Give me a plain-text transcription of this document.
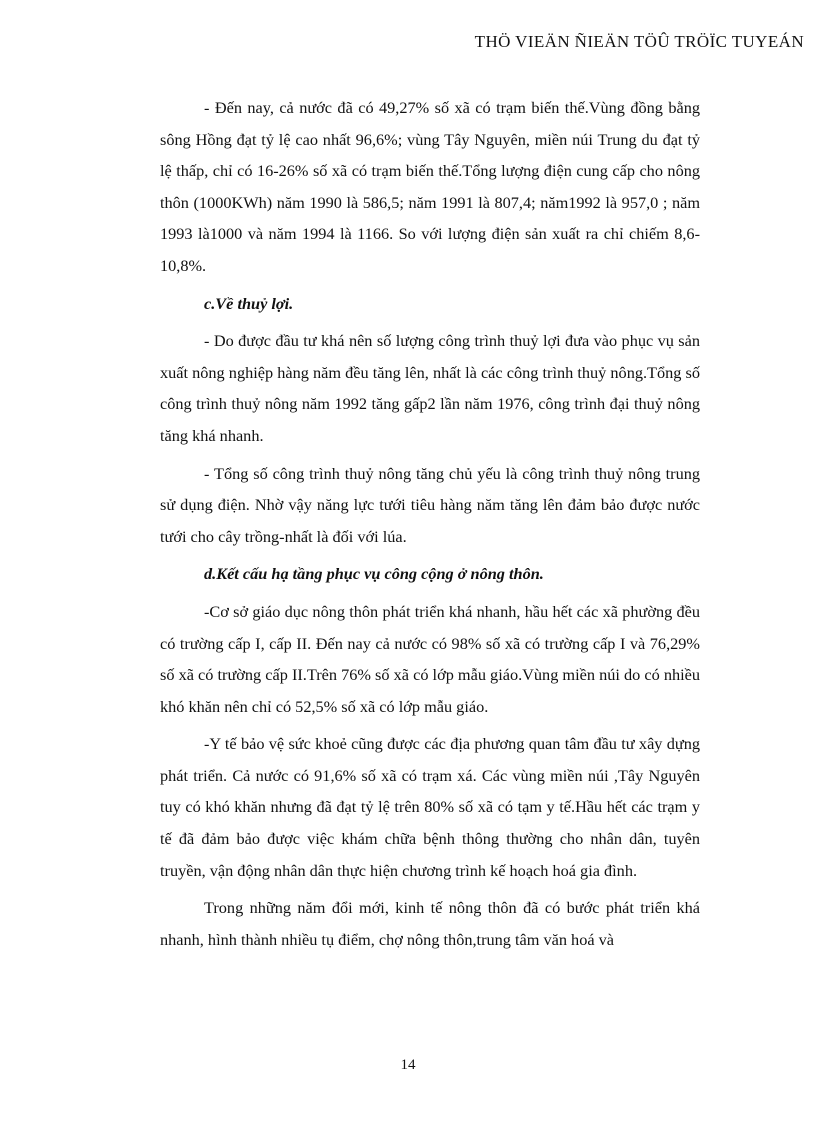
THÖ VIEÄN ÑIEÄN TÖÛ TRÖÏC TUYEÁN

- Đến nay, cả nước đã có 49,27% số xã có trạm biến thế.Vùng đồng bằng sông Hồng đạt tỷ lệ cao nhất 96,6%; vùng Tây Nguyên, miền núi Trung du đạt tỷ lệ thấp, chỉ có 16-26% số xã có trạm biến thế.Tổng lượng điện cung cấp cho nông thôn (1000KWh) năm 1990 là 586,5; năm 1991 là 807,4; năm1992 là 957,0 ; năm 1993 là1000 và năm 1994 là 1166. So với lượng điện sản xuất ra chỉ chiếm 8,6-10,8%.

c.Về thuỷ lợi.

- Do được đầu tư khá nên số lượng công trình thuỷ lợi đưa vào phục vụ sản xuất nông nghiệp hàng năm đều tăng lên, nhất là các công trình thuỷ nông.Tổng số công trình thuỷ nông năm 1992 tăng gấp2 lần năm 1976, công trình đại thuỷ nông tăng khá nhanh.

- Tổng số công trình thuỷ nông tăng chủ yếu là công trình thuỷ nông trung sử dụng điện. Nhờ vậy năng lực tưới tiêu hàng năm tăng lên đảm bảo được nước tưới cho cây trồng-nhất là đối với lúa.

d.Kết cấu hạ tầng phục vụ công cộng ở nông thôn.

-Cơ sở giáo dục nông thôn phát triển khá nhanh, hầu hết các xã phường đều có trường cấp I, cấp II. Đến nay cả nước có 98% số xã có trường cấp I và 76,29% số xã có trường cấp II.Trên 76% số xã có lớp mẫu giáo.Vùng miền núi do có nhiều khó khăn nên chỉ có 52,5% số xã có lớp mẫu giáo.

-Y tế bảo vệ sức khoẻ cũng được các địa phương quan tâm đầu tư xây dựng phát triển. Cả nước có 91,6% số xã có trạm xá. Các vùng miền núi ,Tây Nguyên tuy có khó khăn nhưng đã đạt tỷ lệ trên 80% số xã có tạm y tế.Hầu hết các trạm y tế đã đảm bảo được việc khám chữa bệnh thông thường cho nhân dân, tuyên truyền, vận động nhân dân thực hiện chương trình kế hoạch hoá gia đình.

Trong những năm đổi mới, kinh tế nông thôn đã có bước phát triển khá nhanh, hình thành nhiều tụ điểm, chợ nông thôn,trung tâm văn hoá và

14
